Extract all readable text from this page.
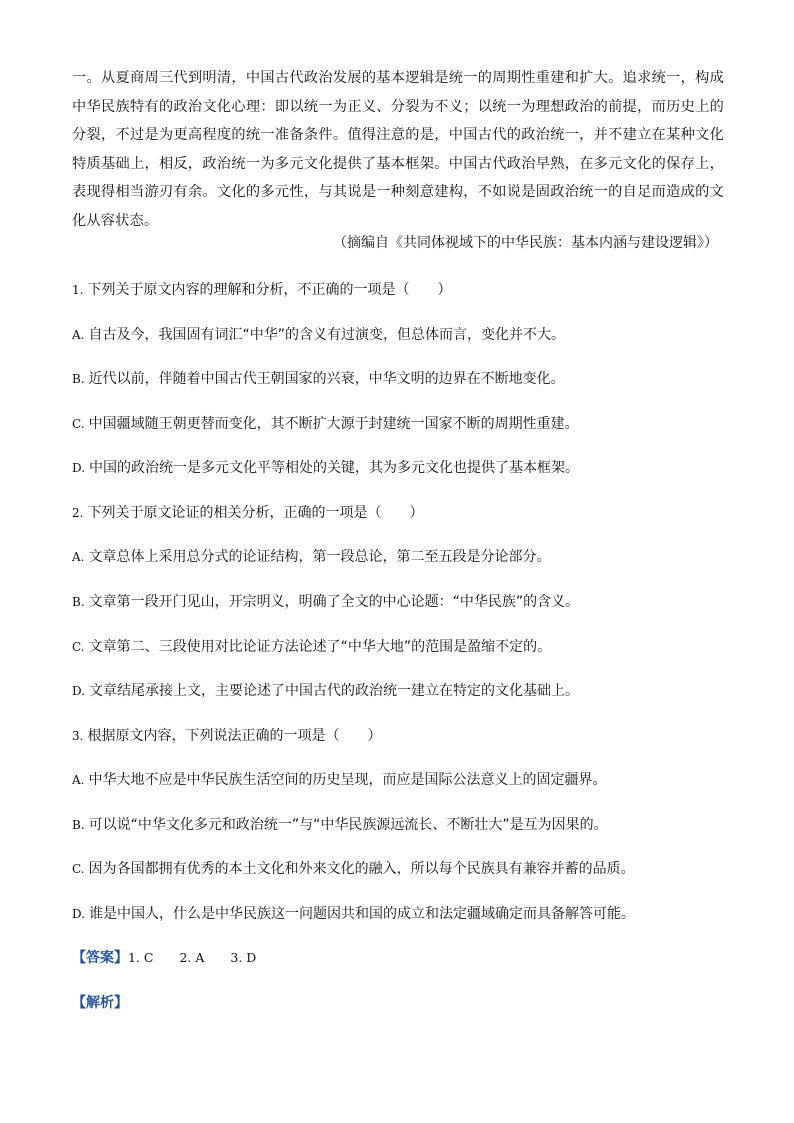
一。从夏商周三代到明清，中国古代政治发展的基本逻辑是统一的周期性重建和扩大。追求统一，构成中华民族特有的政治文化心理：即以统一为正义、分裂为不义；以统一为理想政治的前提，而历史上的分裂，不过是为更高程度的统一准备条件。值得注意的是，中国古代的政治统一，并不建立在某种文化特质基础上，相反，政治统一为多元文化提供了基本框架。中国古代政治早熟，在多元文化的保存上，表现得相当游刃有余。文化的多元性，与其说是一种刻意建构，不如说是固政治统一的自足而造成的文化从容状态。
（摘编自《共同体视域下的中华民族：基本内涵与建设逻辑》）
1. 下列关于原文内容的理解和分析，不正确的一项是（　　）
A. 自古及今，我国固有词汇“中华”的含义有过演变，但总体而言，变化并不大。
B. 近代以前，伴随着中国古代王朝国家的兴衰，中华文明的边界在不断地变化。
C. 中国疆域随王朝更替而变化，其不断扩大源于封建统一国家不断的周期性重建。
D. 中国的政治统一是多元文化平等相处的关键，其为多元文化也提供了基本框架。
2. 下列关于原文论证的相关分析，正确的一项是（　　）
A. 文章总体上采用总分式的论证结构，第一段总论，第二至五段是分论部分。
B. 文章第一段开门见山，开宗明义，明确了全文的中心论题：“中华民族”的含义。
C. 文章第二、三段使用对比论证方法论述了“中华大地”的范围是盈缩不定的。
D. 文章结尾承接上文，主要论述了中国古代的政治统一建立在特定的文化基础上。
3. 根据原文内容，下列说法正确的一项是（　　）
A. 中华大地不应是中华民族生活空间的历史呈现，而应是国际公法意义上的固定疆界。
B. 可以说“中华文化多元和政治统一”与“中华民族源远流长、不断壮大”是互为因果的。
C. 因为各国都拥有优秀的本土文化和外来文化的融入，所以每个民族具有兼容并蓄的品质。
D. 谁是中国人，什么是中华民族这一问题因共和国的成立和法定疆域确定而具备解答可能。
【答案】1. C 2. A 3. D
【解析】
